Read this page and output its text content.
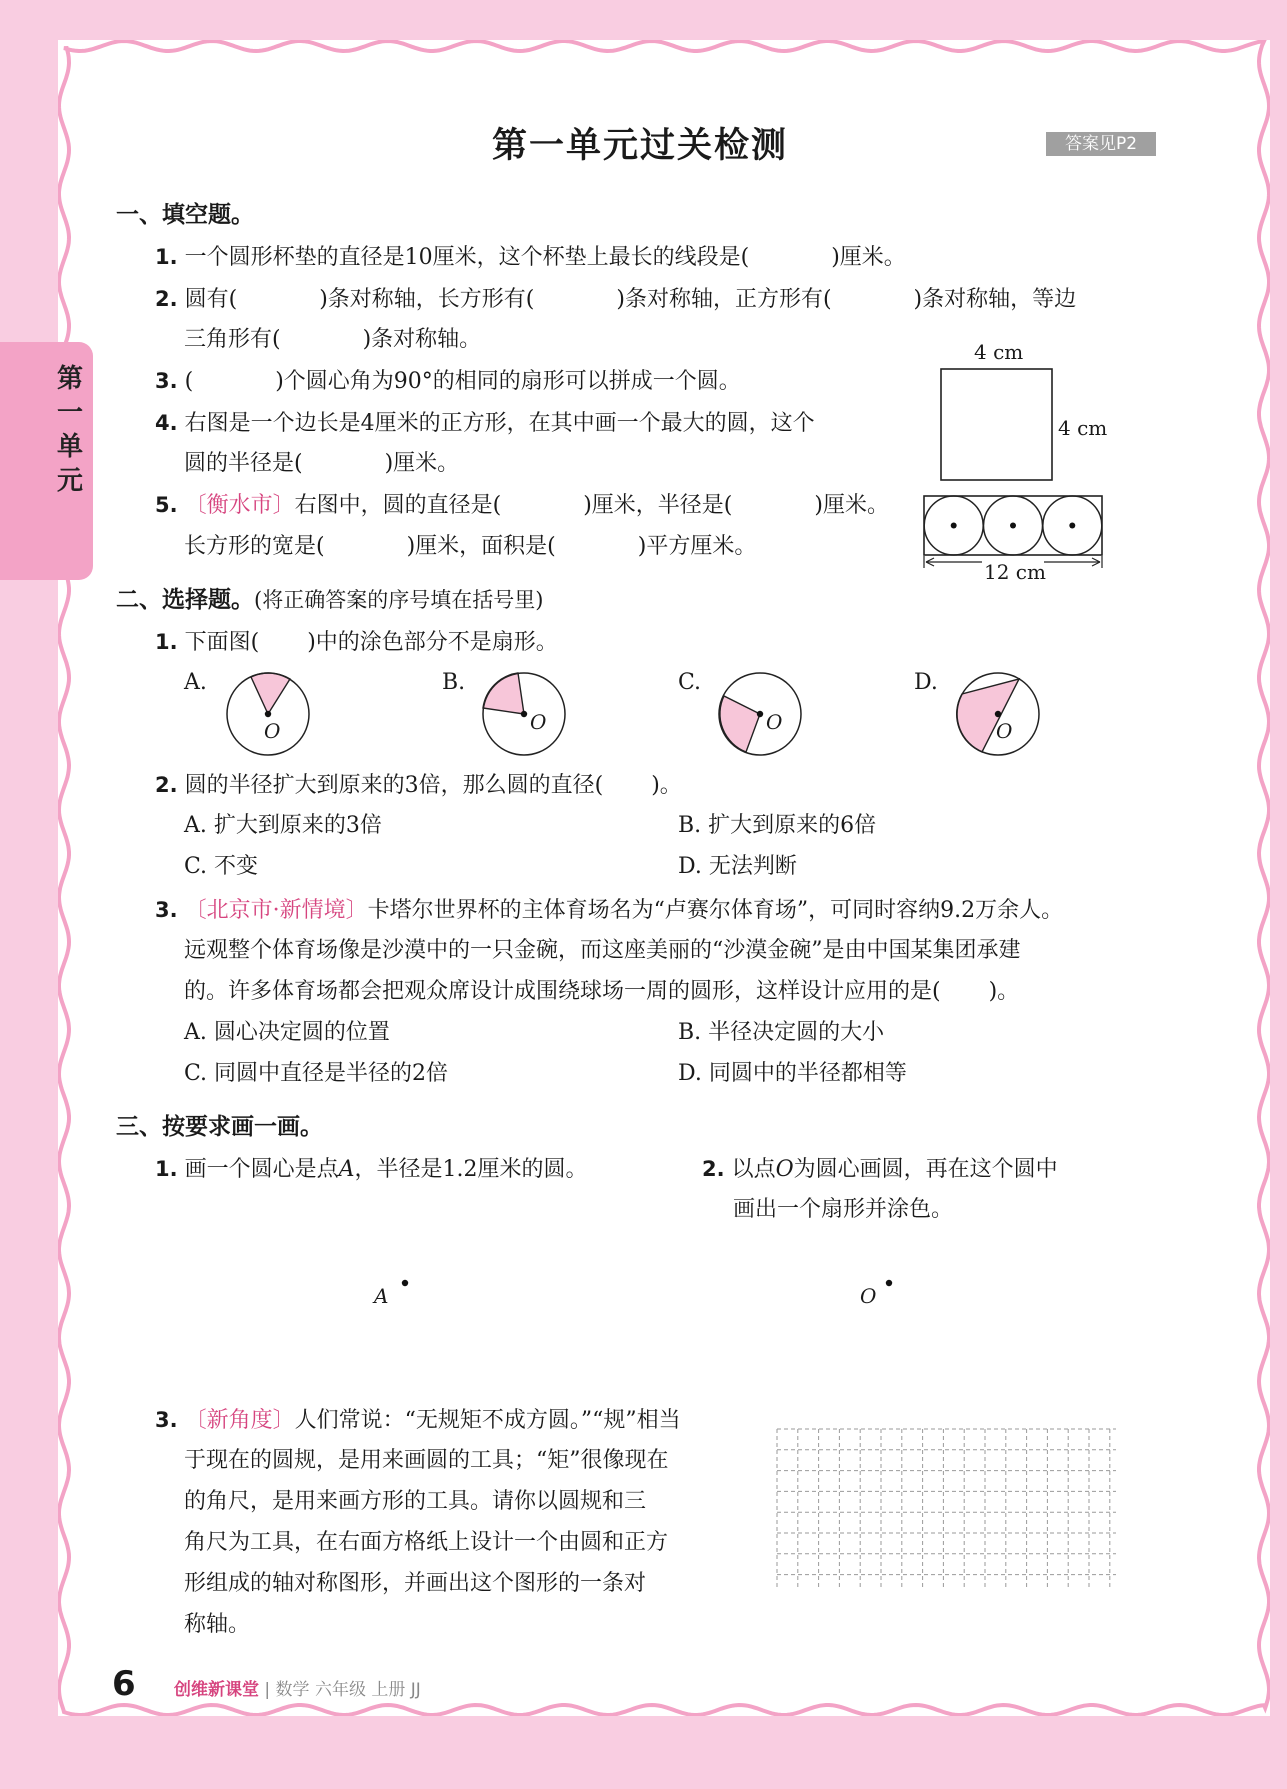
第一单元
第一单元过关检测	答案见P2
一、填空题。
1. 一个圆形杯垫的直径是10厘米，这个杯垫上最长的线段是(	)厘米。
2. 圆有(	)条对称轴，长方形有(	)条对称轴，正方形有(	)条对称轴，等边
三角形有(	)条对称轴。
3. (	)个圆心角为90°的相同的扇形可以拼成一个圆。
4. 右图是一个边长是4厘米的正方形，在其中画一个最大的圆，这个
圆的半径是(	)厘米。
5. 〔衡水市〕右图中，圆的直径是(	)厘米，半径是(	)厘米。
长方形的宽是(	)厘米，面积是(	)平方厘米。
4 cm
4 cm
12 cm
二、选择题。(将正确答案的序号填在括号里)
1. 下面图( )中的涂色部分不是扇形。
A.
O
B.
O
C.
O
D.
O
2. 圆的半径扩大到原来的3倍，那么圆的直径( )。
A. 扩大到原来的3倍	B. 扩大到原来的6倍
C. 不变	D. 无法判断
3. 〔北京市·新情境〕卡塔尔世界杯的主体育场名为“卢赛尔体育场”，可同时容纳9.2万余人。
远观整个体育场像是沙漠中的一只金碗，而这座美丽的“沙漠金碗”是由中国某集团承建
的。许多体育场都会把观众席设计成围绕球场一周的圆形，这样设计应用的是( )。
A. 圆心决定圆的位置	B. 半径决定圆的大小
C. 同圆中直径是半径的2倍	D. 同圆中的半径都相等
三、按要求画一画。
1. 画一个圆心是点A，半径是1.2厘米的圆。	2. 以点O为圆心画圆，再在这个圆中
画出一个扇形并涂色。
A	O
3. 〔新角度〕人们常说：“无规矩不成方圆。”“规”相当
于现在的圆规，是用来画圆的工具；“矩”很像现在
的角尺，是用来画方形的工具。请你以圆规和三
角尺为工具，在右面方格纸上设计一个由圆和正方
形组成的轴对称图形，并画出这个图形的一条对
称轴。
6 创维新课堂 | 数学 六年级 上册 JJ
